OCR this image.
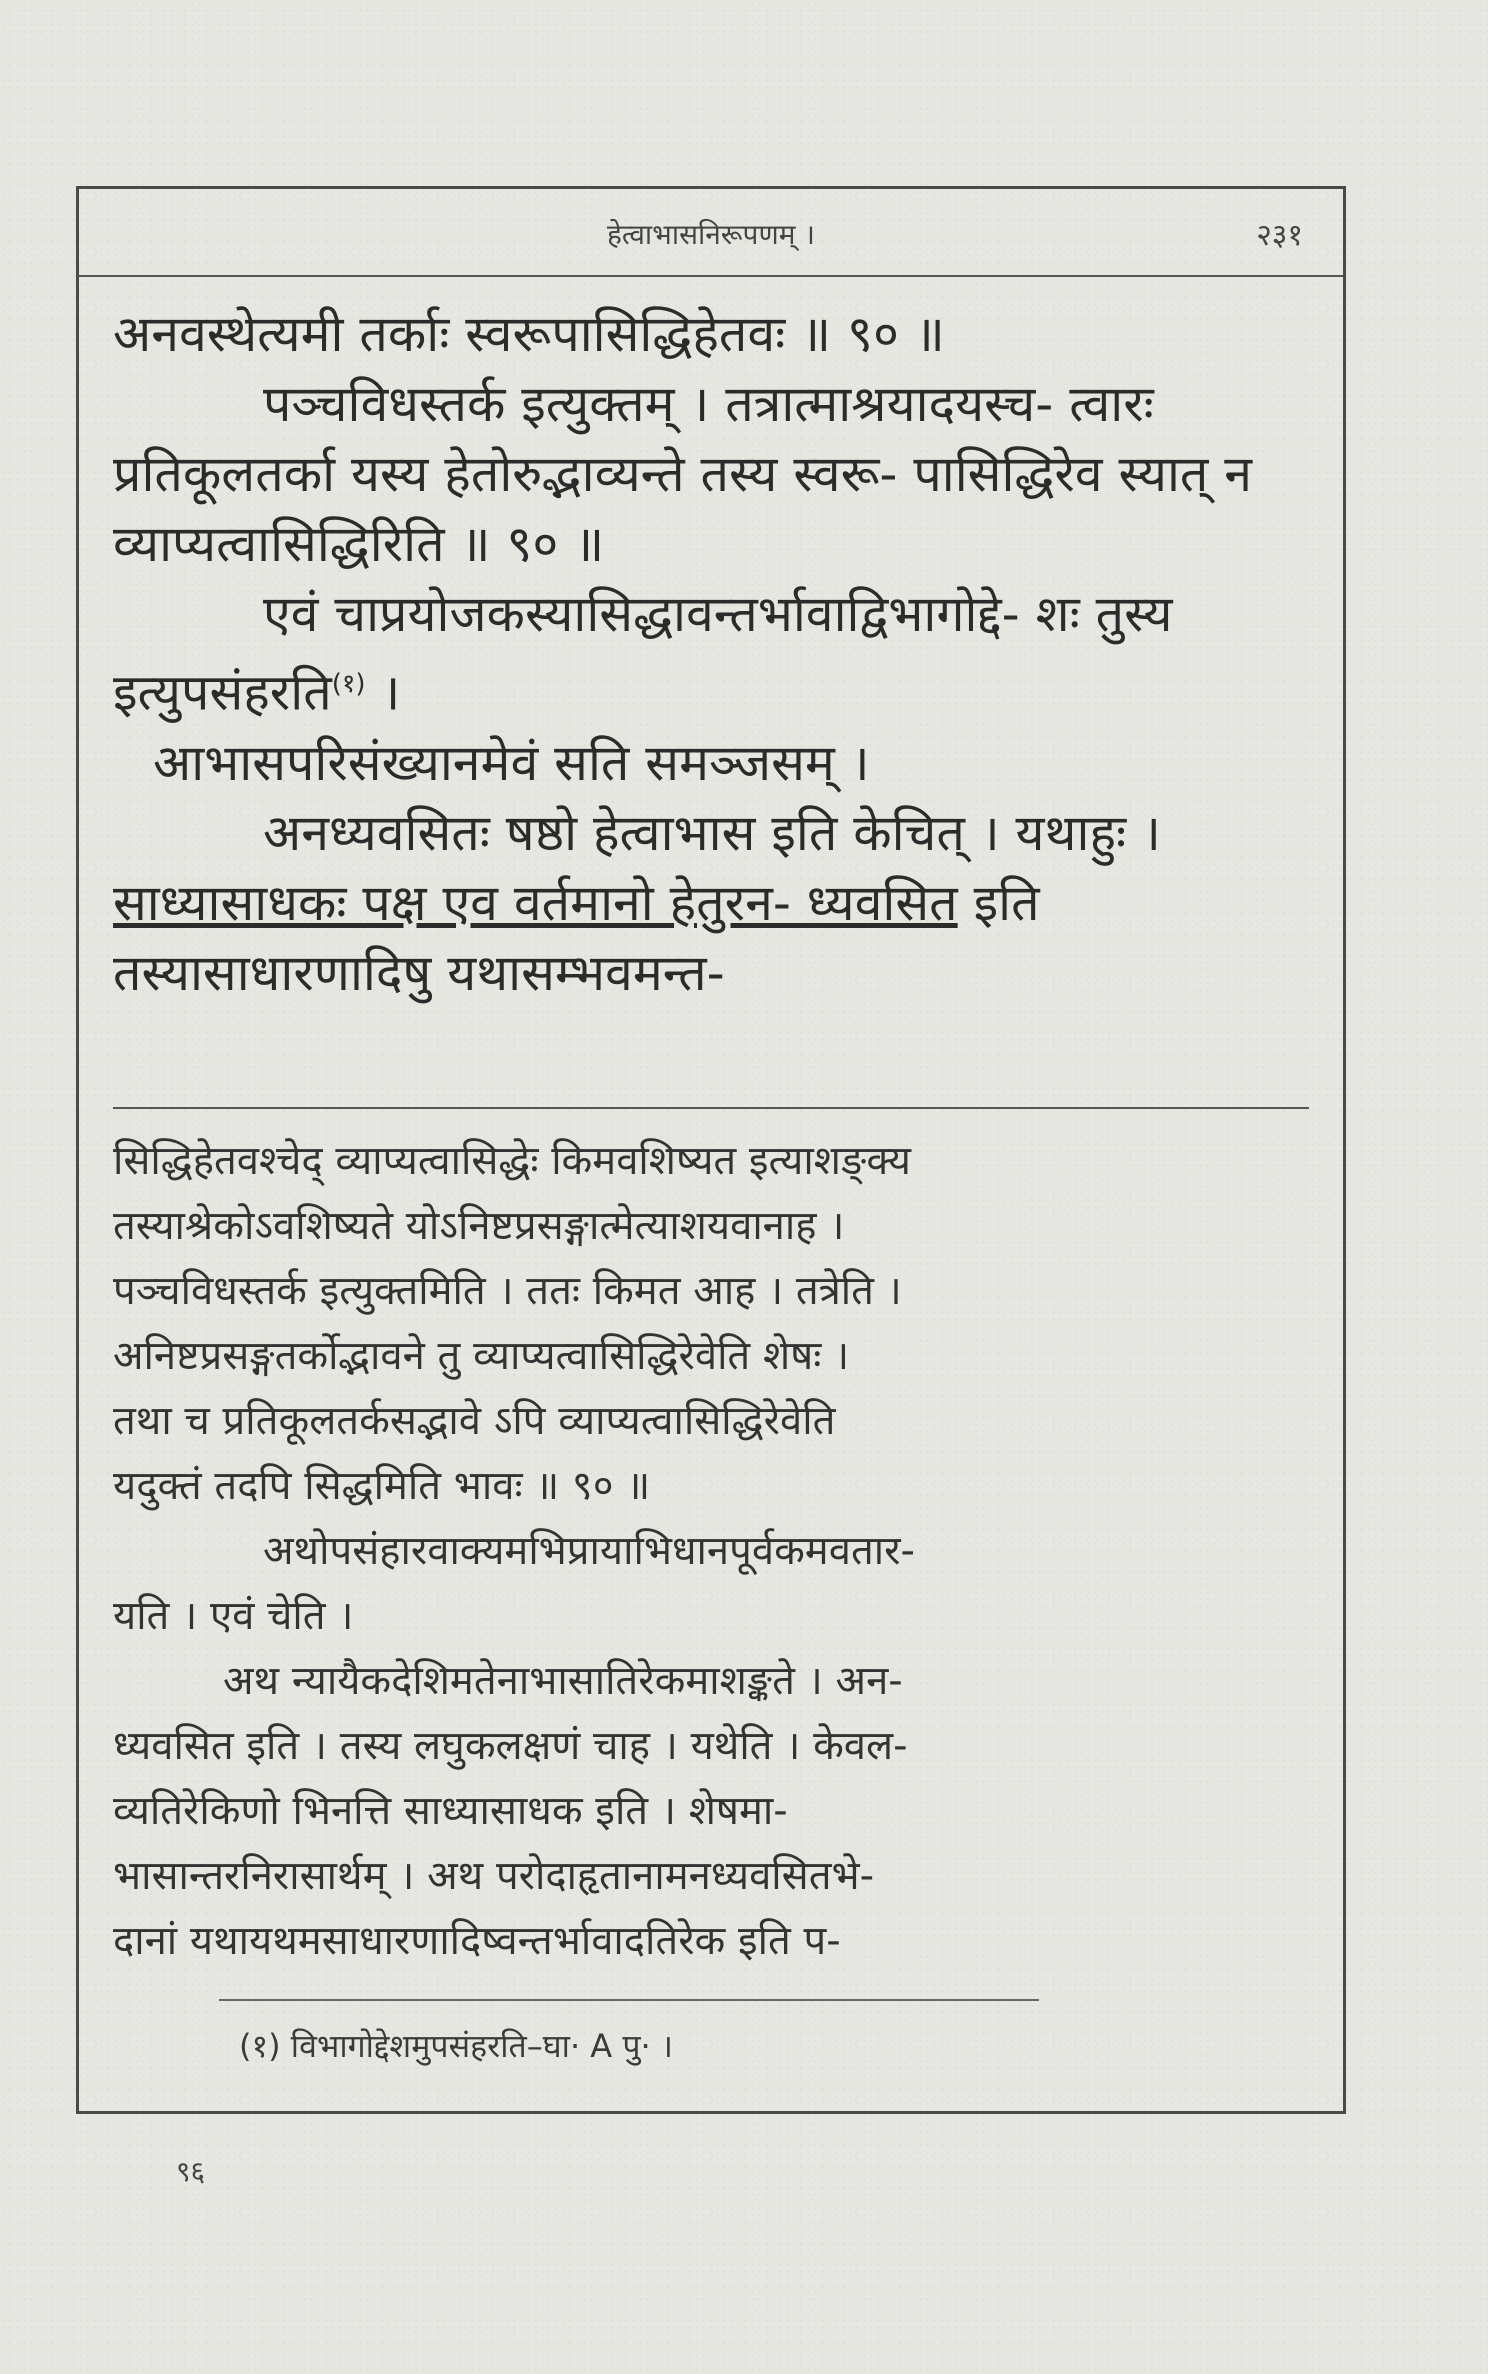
हेत्वाभासनिरूपणम् ।	२३१

अनवस्थेत्यमी तर्काः स्वरूपासिद्धिहेतवः ॥ ९० ॥

पञ्चविधस्तर्क इत्युक्तम् । तत्रात्माश्रयादयस्च- त्वारः प्रतिकूलतर्का यस्य हेतोरुद्भाव्यन्ते तस्य स्वरू- पासिद्धिरेव स्यात् न व्याप्यत्वासिद्धिरिति ॥ ९० ॥

एवं चाप्रयोजकस्यासिद्धावन्तर्भावाद्विभागोद्दे- शः तुस्य इत्युपसंहरति$^{(१)}$ ।

आभासपरिसंख्यानमेवं सति समञ्जसम् ।

अनध्यवसितः षष्ठो हेत्वाभास इति केचित् । यथाहुः । साध्यासाधकः पक्ष एव वर्तमानो हेतुरन- ध्यवसित इति तस्यासाधारणादिषु यथासम्भवमन्त-

सिद्धिहेतवश्चेद् व्याप्यत्वासिद्धेः किमवशिष्यत इत्याशङ्क्य

तस्याश्रेकोऽवशिष्यते योऽनिष्टप्रसङ्गात्मेत्याशयवानाह ।

पञ्चविधस्तर्क इत्युक्तमिति । ततः किमत आह । तत्रेति ।

अनिष्टप्रसङ्गतर्कोद्भावने तु व्याप्यत्वासिद्धिरेवेति शेषः ।

तथा च प्रतिकूलतर्कसद्भावे ऽपि व्याप्यत्वासिद्धिरेवेति

यदुक्तं तदपि सिद्धमिति भावः ॥ ९० ॥

अथोपसंहारवाक्यमभिप्रायाभिधानपूर्वकमवतार-

यति । एवं चेति ।

अथ न्यायैकदेशिमतेनाभासातिरेकमाशङ्कते । अन-

ध्यवसित इति । तस्य लघुकलक्षणं चाह । यथेति । केवल-

व्यतिरेकिणो भिनत्ति साध्यासाधक इति । शेषमा-

भासान्तरनिरासार्थम् । अथ परोदाहृतानामनध्यवसितभे-

दानां यथायथमसाधारणादिष्वन्तर्भावादतिरेक इति प-

(१) विभागोद्देशमुपसंहरति–घा· A पु· ।
९६
